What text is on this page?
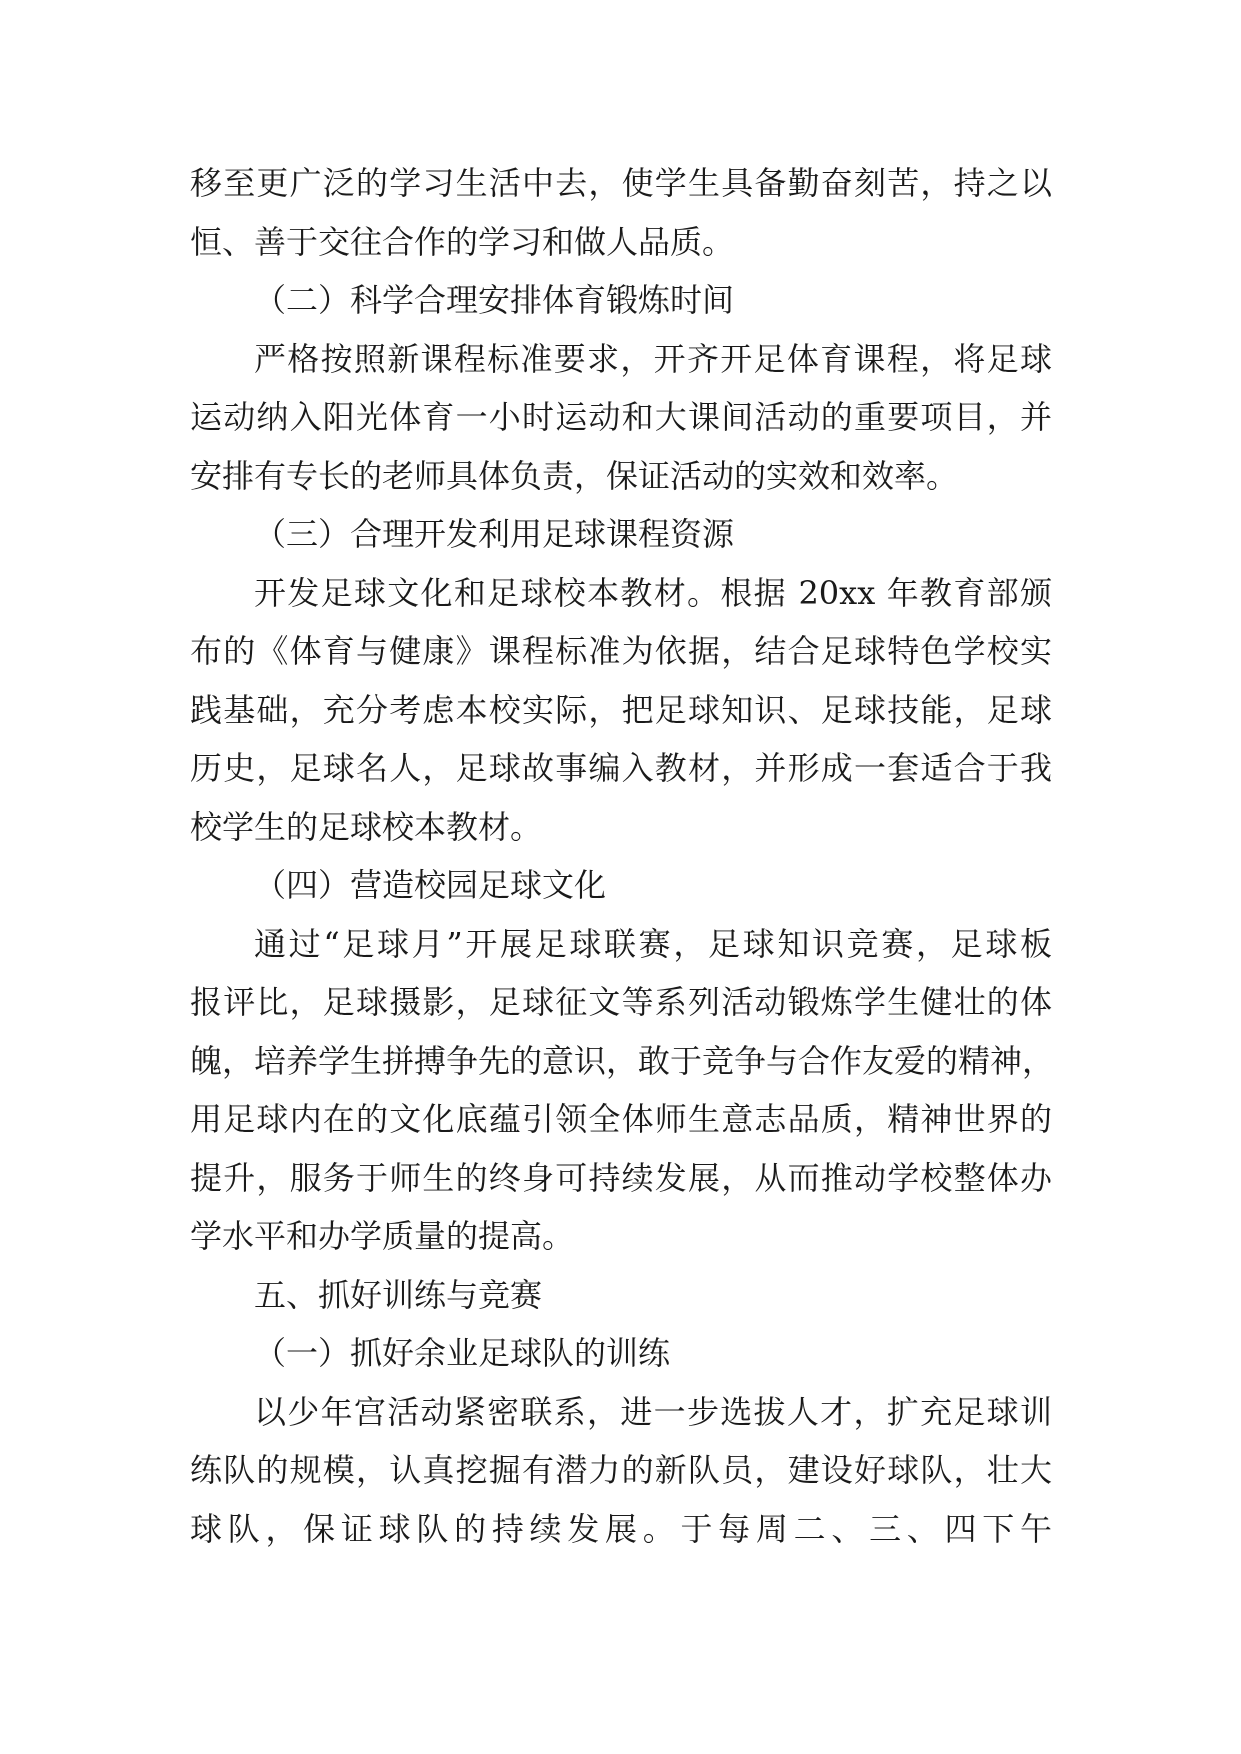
移至更广泛的学习生活中去，使学生具备勤奋刻苦，持之以
恒、善于交往合作的学习和做人品质。
（二）科学合理安排体育锻炼时间
严格按照新课程标准要求，开齐开足体育课程，将足球
运动纳入阳光体育一小时运动和大课间活动的重要项目，并
安排有专长的老师具体负责，保证活动的实效和效率。
（三）合理开发利用足球课程资源
开发足球文化和足球校本教材。根据 20xx 年教育部颁
布的《体育与健康》课程标准为依据，结合足球特色学校实
践基础，充分考虑本校实际，把足球知识、足球技能，足球
历史，足球名人，足球故事编入教材，并形成一套适合于我
校学生的足球校本教材。
（四）营造校园足球文化
通过“足球月”开展足球联赛，足球知识竞赛，足球板
报评比，足球摄影，足球征文等系列活动锻炼学生健壮的体
魄，培养学生拼搏争先的意识，敢于竞争与合作友爱的精神，
用足球内在的文化底蕴引领全体师生意志品质，精神世界的
提升，服务于师生的终身可持续发展，从而推动学校整体办
学水平和办学质量的提高。
五、抓好训练与竞赛
（一）抓好余业足球队的训练
以少年宫活动紧密联系，进一步选拔人才，扩充足球训
练队的规模，认真挖掘有潜力的新队员，建设好球队，壮大
球队，保证球队的持续发展。于每周二、三、四下午
